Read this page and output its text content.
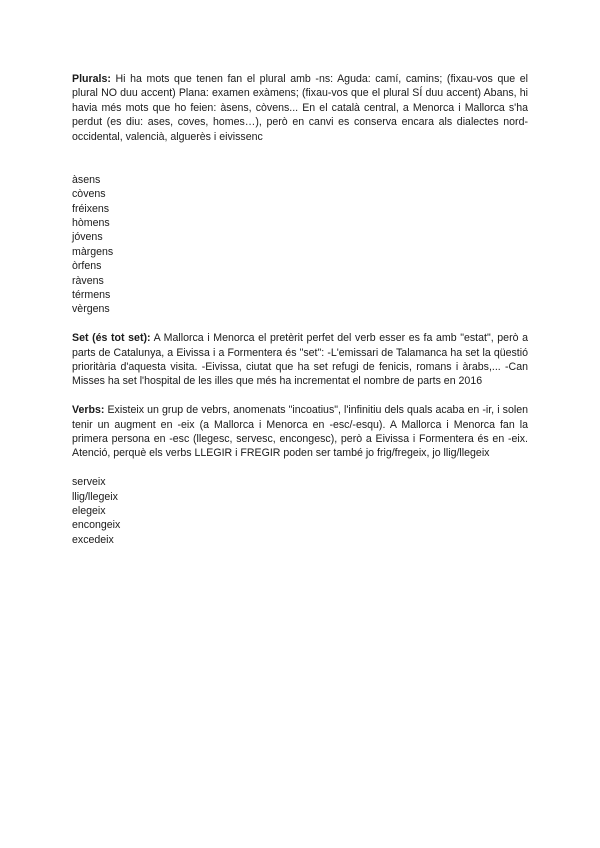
Plurals: Hi ha mots que tenen fan el plural amb -ns: Aguda: camí, camins; (fixau-vos que el plural NO duu accent) Plana: examen exàmens; (fixau-vos que el plural SÍ duu accent) Abans, hi havia més mots que ho feien: àsens, còvens... En el català central, a Menorca i Mallorca s'ha perdut (es diu: ases, coves, homes…), però en canvi es conserva encara als dialectes nord-occidental, valencià, alguerès i eivissenc

àsens
còvens
fréixens
hòmens
jóvens
màrgens
òrfens
ràvens
térmens
vèrgens

Set (és tot set): A Mallorca i Menorca el pretèrit perfet del verb esser es fa amb "estat", però a parts de Catalunya, a Eivissa i a Formentera és "set": -L'emissari de Talamanca ha set la qüestió prioritària d'aquesta visita. -Eivissa, ciutat que ha set refugi de fenicis, romans i àrabs,... -Can Misses ha set l'hospital de les illes que més ha incrementat el nombre de parts en 2016

Verbs: Existeix un grup de vebrs, anomenats "incoatius", l'infinitiu dels quals acaba en -ir, i solen tenir un augment en -eix (a Mallorca i Menorca en -esc/-esqu). A Mallorca i Menorca fan la primera persona en -esc (llegesc, servesc, encongesc), però a Eivissa i Formentera és en -eix. Atenció, perquè els verbs LLEGIR i FREGIR poden ser també jo frig/fregeix, jo llig/llegeix

serveix
llig/llegeix
elegeix
encongeix
excedeix
